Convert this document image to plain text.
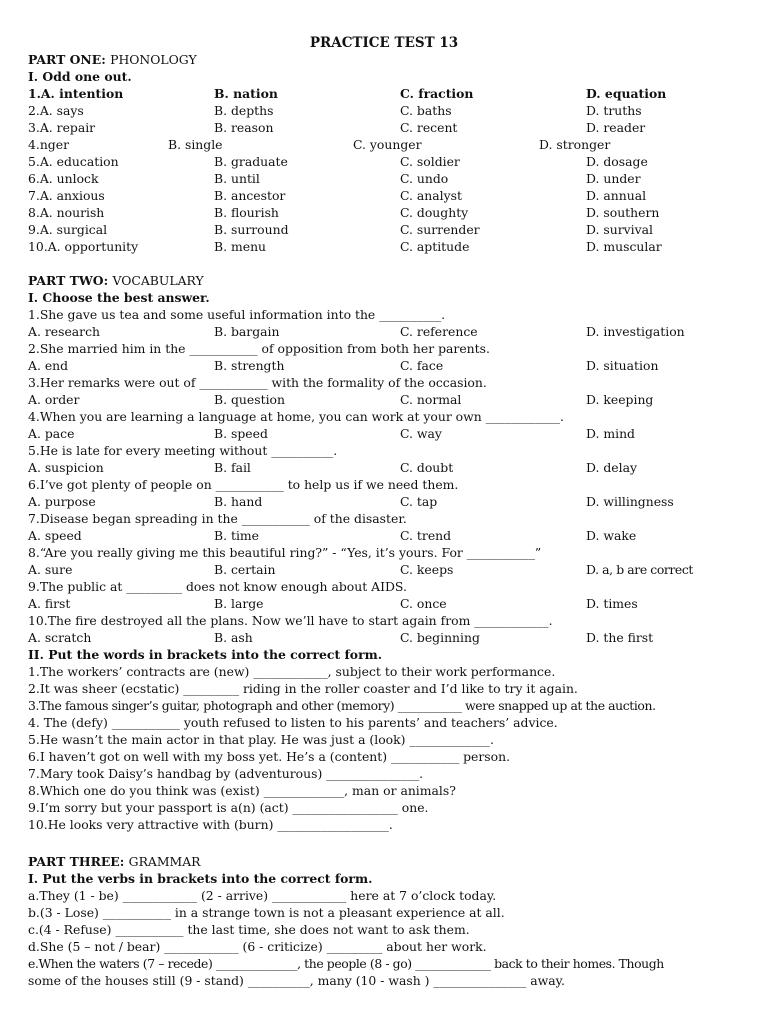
PRACTICE TEST 13
PART ONE: PHONOLOGY
I. Odd one out.
1.A. intention	B. nation	C. fraction	D. equation
2.A. says	B. depths	C. baths	D. truths
3.A. repair	B. reason	C. recent	D. reader
4.nger	B. single	C. younger	D. stronger
5.A. education	B. graduate	C. soldier	D. dosage
6.A. unlock	B. until	C. undo	D. under
7.A. anxious	B. ancestor	C. analyst	D. annual
8.A. nourish	B. flourish	C. doughty	D. southern
9.A. surgical	B. surround	C. surrender	D. survival
10.A. opportunity	B. menu	C. aptitude	D. muscular
PART TWO: VOCABULARY
I. Choose the best answer.
1.She gave us tea and some useful information into the __________.
A. research	B. bargain	C. reference	D. investigation
2.She married him in the ___________ of opposition from both her parents.
A. end	B. strength	C. face	D. situation
3.Her remarks were out of ___________ with the formality of the occasion.
A. order	B. question	C. normal	D. keeping
4.When you are learning a language at home, you can work at your own ____________.
A. pace	B. speed	C. way	D. mind
5.He is late for every meeting without __________.
A. suspicion	B. fail	C. doubt	D. delay
6.I’ve got plenty of people on ___________ to help us if we need them.
A. purpose	B. hand	C. tap	D. willingness
7.Disease began spreading in the ___________ of the disaster.
A. speed	B. time	C. trend	D. wake
8.“Are you really giving me this beautiful ring?” - “Yes, it’s yours. For ___________”
A. sure	B. certain	C. keeps	D. a, b are correct
9.The public at _________ does not know enough about AIDS.
A. first	B. large	C. once	D. times
10.The fire destroyed all the plans. Now we’ll have to start again from ____________.
A. scratch	B. ash	C. beginning	D. the first
II. Put the words in brackets into the correct form.
1.The workers’ contracts are (new) ____________, subject to their work performance.
2.It was sheer (ecstatic) _________ riding in the roller coaster and I’d like to try it again.
3.The famous singer’s guitar, photograph and other (memory) ___________ were snapped up at the auction.
4. The (defy) ___________ youth refused to listen to his parents’ and teachers’ advice.
5.He wasn’t the main actor in that play. He was just a (look) _____________.
6.I haven’t got on well with my boss yet. He’s a (content) ___________ person.
7.Mary took Daisy’s handbag by (adventurous) _______________.
8.Which one do you think was (exist) _____________, man or animals?
9.I’m sorry but your passport is a(n) (act) _________________ one.
10.He looks very attractive with (burn) __________________.
PART THREE: GRAMMAR
I. Put the verbs in brackets into the correct form.
a.They (1 - be) ____________ (2 - arrive) ____________ here at 7 o’clock today.
b.(3 - Lose) ___________ in a strange town is not a pleasant experience at all.
c.(4 - Refuse) ___________ the last time, she does not want to ask them.
d.She (5 – not / bear) ____________ (6 - criticize) _________ about her work.
e.When the waters (7 – recede) ______________, the people (8 - go) _____________ back to their homes. Though
some of the houses still (9 - stand) __________, many (10 - wash ) _______________ away.
